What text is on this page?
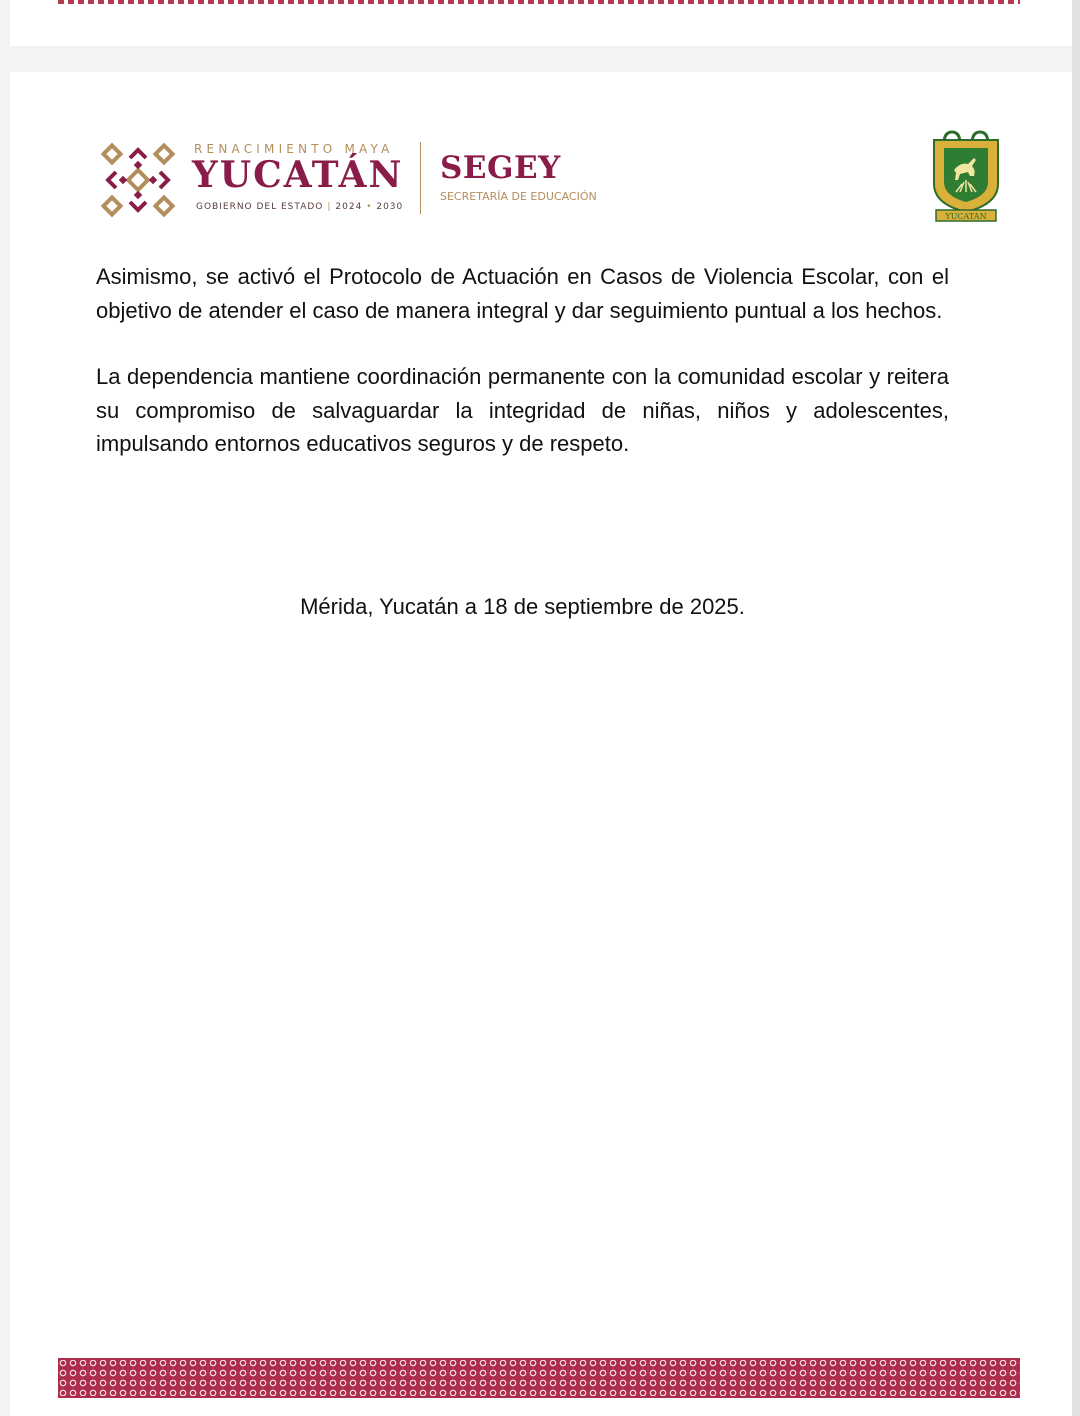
RENACIMIENTO MAYA
YUCATÁN
GOBIERNO DEL ESTADO | 2024 • 2030
SEGEY
SECRETARÍA DE EDUCACIÓN
YUCATAN

Asimismo, se activó el Protocolo de Actuación en Casos de Violencia Escolar, con el objetivo de atender el caso de manera integral y dar seguimiento puntual a los hechos.

La dependencia mantiene coordinación permanente con la comunidad escolar y reitera su compromiso de salvaguardar la integridad de niñas, niños y adolescentes, impulsando entornos educativos seguros y de respeto.

Mérida, Yucatán a 18 de septiembre de 2025.
